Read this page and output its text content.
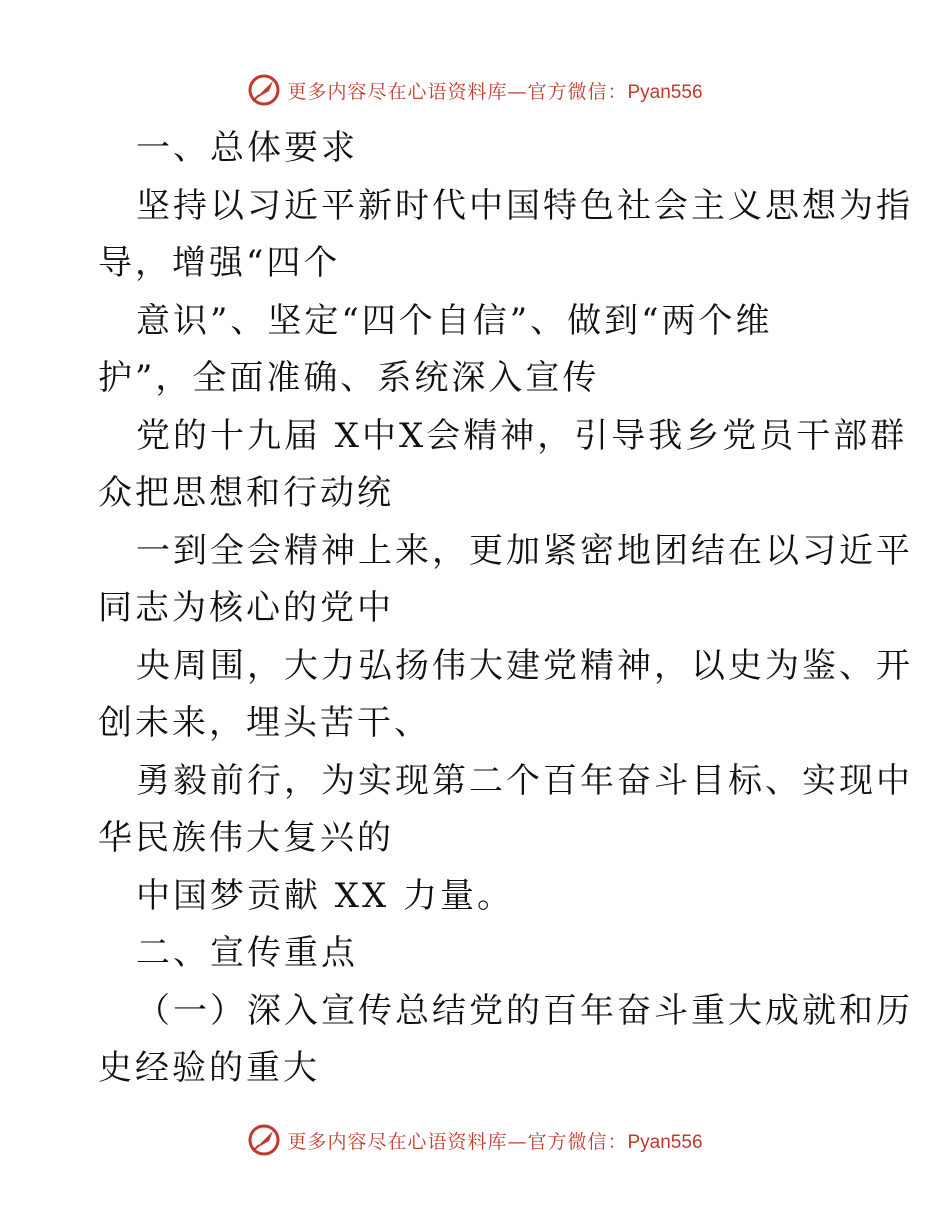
更多内容尽在心语资料库—官方微信：Pyan556
一、总体要求
坚持以习近平新时代中国特色社会主义思想为指
导，增强“四个
意识”、坚定“四个自信”、做到“两个维
护”，全面准确、系统深入宣传
党的十九届 X中X会精神，引导我乡党员干部群
众把思想和行动统
一到全会精神上来，更加紧密地团结在以习近平
同志为核心的党中
央周围，大力弘扬伟大建党精神，以史为鉴、开
创未来，埋头苦干、
勇毅前行，为实现第二个百年奋斗目标、实现中
华民族伟大复兴的
中国梦贡献 XX 力量。
二、宣传重点
（一）深入宣传总结党的百年奋斗重大成就和历
史经验的重大
更多内容尽在心语资料库—官方微信：Pyan556
